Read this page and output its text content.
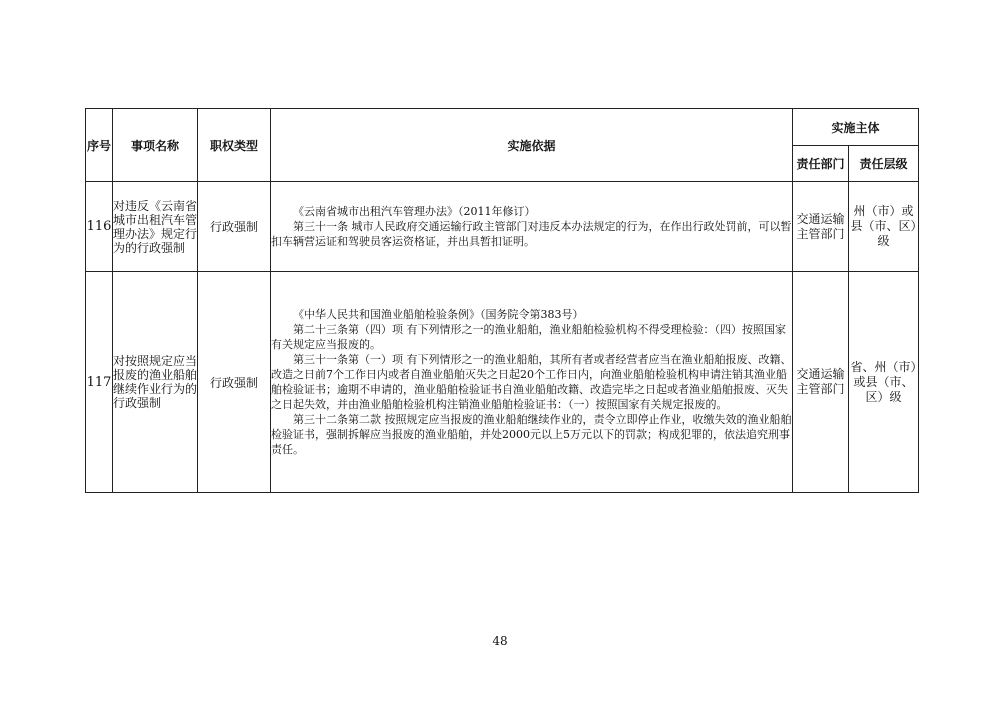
序号	事项名称	职权类型	实施依据	实施主体	
				责任部门	责任层级
116	对违反《云南省城市出租汽车管理办法》规定行为的行政强制	行政强制	《云南省城市出租汽车管理办法》（2011年修订）

第三十一条 城市人民政府交通运输行政主管部门对违反本办法规定的行为，在作出行政处罚前，可以暂扣车辆营运证和驾驶员客运资格证，并出具暂扣证明。	交通运输主管部门	州（市）或县（市、区）级
117	对按照规定应当报废的渔业船舶继续作业行为的行政强制	行政强制	《中华人民共和国渔业船舶检验条例》（国务院令第383号）

第二十三条第（四）项 有下列情形之一的渔业船舶，渔业船舶检验机构不得受理检验：（四）按照国家有关规定应当报废的。

第三十一条第（一）项 有下列情形之一的渔业船舶，其所有者或者经营者应当在渔业船舶报废、改籍、改造之日前7个工作日内或者自渔业船舶灭失之日起20个工作日内，向渔业船舶检验机构申请注销其渔业船舶检验证书；逾期不申请的，渔业船舶检验证书自渔业船舶改籍、改造完毕之日起或者渔业船舶报废、灭失之日起失效，并由渔业船舶检验机构注销渔业船舶检验证书：（一）按照国家有关规定报废的。

第三十二条第二款 按照规定应当报废的渔业船舶继续作业的，责令立即停止作业，收缴失效的渔业船舶检验证书，强制拆解应当报废的渔业船舶，并处2000元以上5万元以下的罚款；构成犯罪的，依法追究刑事责任。	交通运输主管部门	省、州（市）或县（市、区）级
48
